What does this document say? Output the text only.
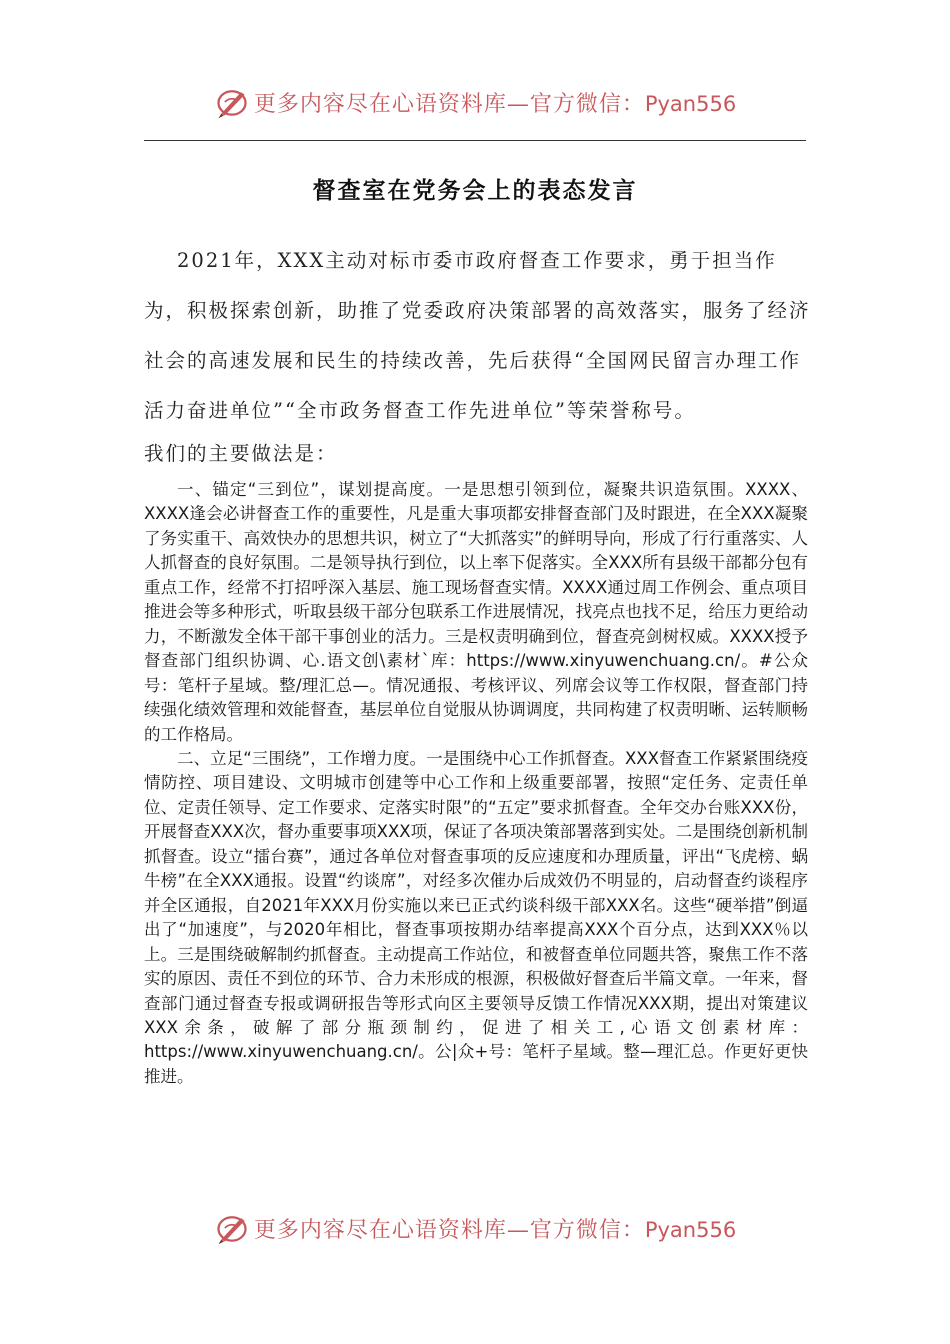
更多内容尽在心语资料库—官方微信：Pyan556
督查室在党务会上的表态发言

2021年，XXX主动对标市委市政府督查工作要求，勇于担当作为，积极探索创新，助推了党委政府决策部署的高效落实，服务了经济社会的高速发展和民生的持续改善，先后获得“全国网民留言办理工作活力奋进单位”“全市政务督查工作先进单位”等荣誉称号。

我们的主要做法是：

一、锚定“三到位”，谋划提高度。一是思想引领到位，凝聚共识造氛围。XXXX、XXXX逢会必讲督查工作的重要性，凡是重大事项都安排督查部门及时跟进，在全XXX凝聚了务实重干、高效快办的思想共识，树立了“大抓落实”的鲜明导向，形成了行行重落实、人人抓督查的良好氛围。二是领导执行到位，以上率下促落实。全XXX所有县级干部都分包有重点工作，经常不打招呼深入基层、施工现场督查实情。XXXX通过周工作例会、重点项目推进会等多种形式，听取县级干部分包联系工作进展情况，找亮点也找不足，给压力更给动力，不断激发全体干部干事创业的活力。三是权责明确到位，督查亮剑树权威。XXXX授予督查部门组织协调、心.语文创\素材`库：https://www.xinyuwenchuang.cn/。#公众号：笔杆子星域。整/理汇总—。情况通报、考核评议、列席会议等工作权限，督查部门持续强化绩效管理和效能督查，基层单位自觉服从协调调度，共同构建了权责明晰、运转顺畅的工作格局。

二、立足“三围绕”，工作增力度。一是围绕中心工作抓督查。XXX督查工作紧紧围绕疫情防控、项目建设、文明城市创建等中心工作和上级重要部署，按照“定任务、定责任单位、定责任领导、定工作要求、定落实时限”的“五定”要求抓督查。全年交办台账XXX份，开展督查XXX次，督办重要事项XXX项，保证了各项决策部署落到实处。二是围绕创新机制抓督查。设立“擂台赛”，通过各单位对督查事项的反应速度和办理质量，评出“飞虎榜、蜗牛榜”在全XXX通报。设置“约谈席”，对经多次催办后成效仍不明显的，启动督查约谈程序并全区通报，自2021年XXX月份实施以来已正式约谈科级干部XXX名。这些“硬举措”倒逼出了“加速度”，与2020年相比，督查事项按期办结率提高XXX个百分点，达到XXX％以上。三是围绕破解制约抓督查。主动提高工作站位，和被督查单位同题共答，聚焦工作不落实的原因、责任不到位的环节、合力未形成的根源，积极做好督查后半篇文章。一年来，督查部门通过督查专报或调研报告等形式向区主要领导反馈工作情况XXX期，提出对策建议XXX余条，破解了部分瓶颈制约，促进了相关工,心语文创素材库：https://www.xinyuwenchuang.cn/。公|众+号：笔杆子星域。整—理汇总。作更好更快推进。

更多内容尽在心语资料库—官方微信：Pyan556
